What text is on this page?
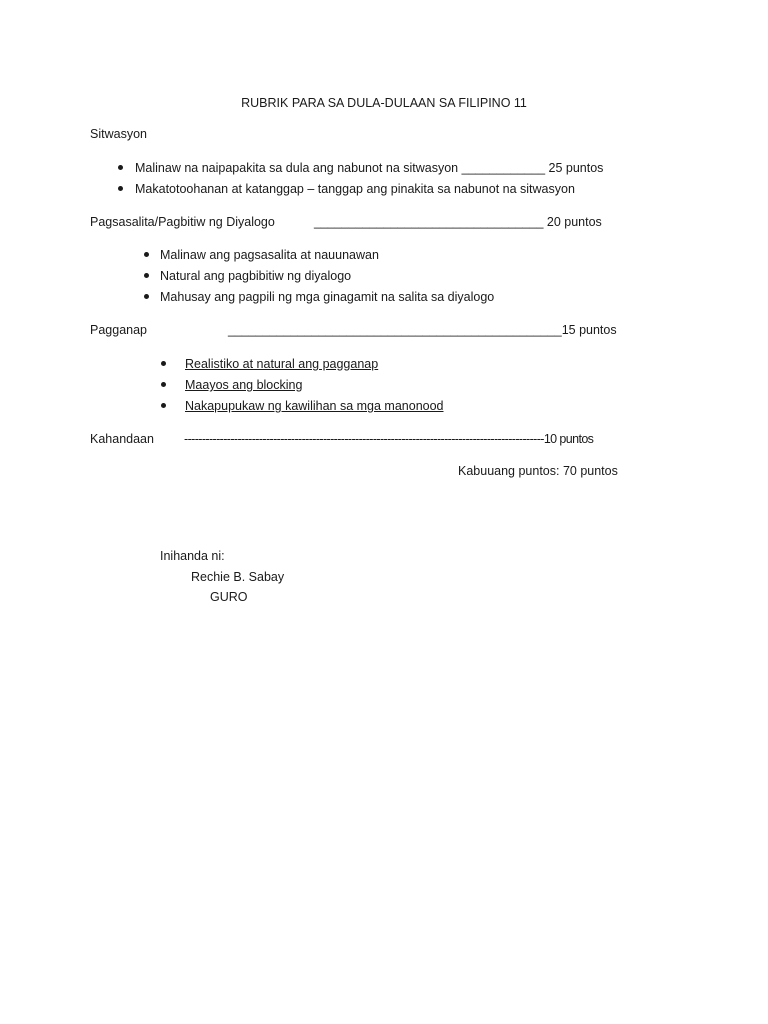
RUBRIK PARA SA DULA-DULAAN SA FILIPINO 11
Sitwasyon
Malinaw na naipapakita sa dula ang nabunot na sitwasyon ____________ 25 puntos
Makatotoohanan at katanggap – tanggap ang pinakita sa nabunot na sitwasyon
Pagsasalita/Pagbitiw ng Diyalogo	_________________________________ 20 puntos
Malinaw ang pagsasalita at nauunawan
Natural ang pagbibitiw ng diyalogo
Mahusay ang pagpili ng mga ginagamit na salita sa diyalogo
Pagganap	________________________________________________15 puntos
Realistiko at natural ang pagganap
Maayos ang blocking
Nakapupukaw ng kawilihan sa mga manonood
Kahandaan -----------------------------------------------------------------------------------------------------10 puntos
Kabuuang puntos: 70 puntos
Inihanda ni:
Rechie B. Sabay
GURO
